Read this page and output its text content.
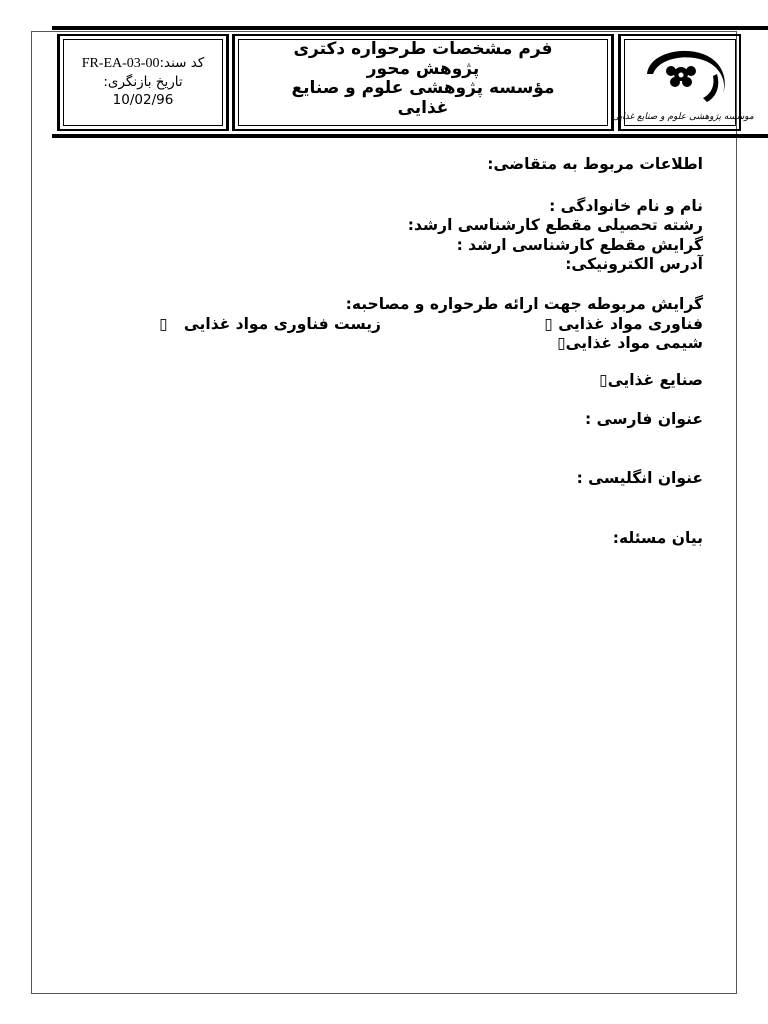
کد سند:FR-EA-03-00
تاریخ بازنگری:
10/02/96
فرم مشخصات طرحواره دکتری
پژوهش محور
مؤسسه پژوهشی علوم و صنایع
غذایی	موسسه پژوهشی علوم و صنایع غذایی
اطلاعات مربوط به متقاضی:
نام و نام خانوادگی :
رشته تحصیلی مقطع کارشناسی ارشد:
گرایش مقطع کارشناسی ارشد :
آدرس الکترونیکی:
گرایش مربوطه جهت ارائه طرحواره و مصاحبه:
فناوری مواد غذایی ▯
زیست فناوری مواد غذایی   ▯
شیمی مواد غذایی▯
صنایع غذایی▯
عنوان فارسی :
عنوان انگلیسی :
بیان مسئله:
